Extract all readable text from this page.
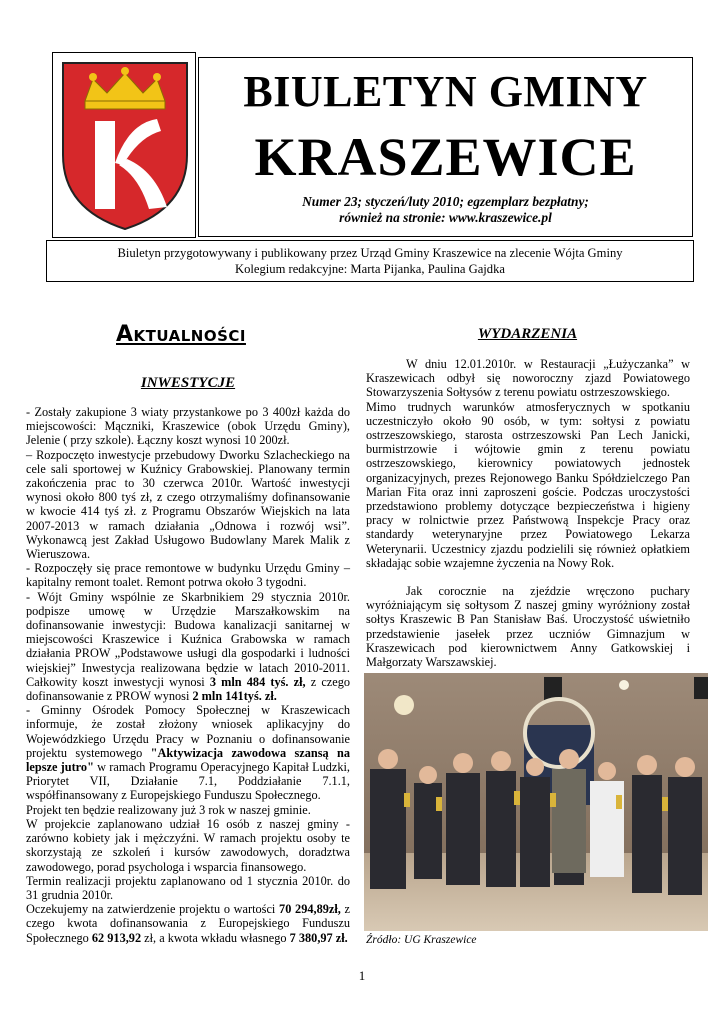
BIULETYN GMINY
KRASZEWICE
Numer 23; styczeń/luty 2010; egzemplarz bezpłatny;
również na stronie: www.kraszewice.pl
Biuletyn przygotowywany i publikowany przez Urząd Gminy Kraszewice na zlecenie Wójta Gminy
Kolegium redakcyjne: Marta Pijanka, Paulina Gajdka
Aktualności
INWESTYCJE
WYDARZENIA

- Zostały zakupione 3 wiaty przystankowe po 3 400zł każda do miejscowości: Mączniki, Kraszewice (obok Urzędu Gminy), Jelenie ( przy szkole). Łączny koszt wynosi 10 200zł.

– Rozpoczęto inwestycje przebudowy Dworku Szlacheckiego na cele sali sportowej w Kuźnicy Grabowskiej. Planowany termin zakończenia prac to 30 czerwca 2010r. Wartość inwestycji wynosi około 800 tyś zł, z czego otrzymaliśmy dofinansowanie w kwocie 414 tyś zł. z Programu Obszarów Wiejskich na lata 2007-2013 w ramach działania „Odnowa i rozwój wsi”. Wykonawcą jest Zakład Usługowo Budowlany Marek Malik z Wieruszowa.

- Rozpoczęły się prace remontowe w budynku Urzędu Gminy – kapitalny remont toalet. Remont potrwa około 3 tygodni.

- Wójt Gminy wspólnie ze Skarbnikiem 29 stycznia 2010r. podpisze umowę w Urzędzie Marszałkowskim na dofinansowanie inwestycji: Budowa kanalizacji sanitarnej w miejscowości Kraszewice i Kuźnica Grabowska w ramach działania PROW „Podstawowe usługi dla gospodarki i ludności wiejskiej” Inwestycja realizowana będzie w latach 2010-2011. Całkowity koszt inwestycji wynosi 3 mln 484 tyś. zł, z czego dofinansowanie z PROW wynosi 2 mln 141tyś. zł.

- Gminny Ośrodek Pomocy Społecznej w Kraszewicach informuje, że został złożony wniosek aplikacyjny do Wojewódzkiego Urzędu Pracy w Poznaniu o dofinansowanie projektu systemowego "Aktywizacja zawodowa szansą na lepsze jutro" w ramach Programu Operacyjnego Kapitał Ludzki, Priorytet VII, Działanie 7.1, Poddziałanie 7.1.1, współfinansowany z Europejskiego Funduszu Społecznego.

Projekt ten będzie realizowany już 3 rok w naszej gminie.

W projekcie zaplanowano udział 16 osób z naszej gminy - zarówno kobiety jak i mężczyźni. W ramach projektu osoby te skorzystają ze szkoleń i kursów zawodowych, doradztwa zawodowego, porad psychologa i wsparcia finansowego.

Termin realizacji projektu zaplanowano od 1 stycznia 2010r. do 31 grudnia 2010r.

Oczekujemy na zatwierdzenie projektu o wartości 70 294,89zł, z czego kwota dofinansowania z Europejskiego Funduszu Społecznego 62 913,92 zł, a kwota wkładu własnego 7 380,97 zł.

W dniu 12.01.2010r. w Restauracji „Łużyczanka” w Kraszewicach odbył się noworoczny zjazd Powiatowego Stowarzyszenia Sołtysów z terenu powiatu ostrzeszowskiego.

Mimo trudnych warunków atmosferycznych w spotkaniu uczestniczyło około 90 osób, w tym: sołtysi z powiatu ostrzeszowskiego, starosta ostrzeszowski Pan Lech Janicki, burmistrzowie i wójtowie gmin z terenu powiatu ostrzeszowskiego, kierownicy powiatowych jednostek organizacyjnych, prezes Rejonowego Banku Spółdzielczego Pan Marian Fita oraz inni zaproszeni goście. Podczas uroczystości przedstawiono problemy dotyczące bezpieczeństwa i higieny pracy w rolnictwie przez Państwową Inspekcje Pracy oraz standardy weterynaryjne przez Powiatowego Lekarza Weterynarii. Uczestnicy zjazdu podzielili się również opłatkiem składając sobie wzajemne życzenia na Nowy Rok.

Jak corocznie na zjeździe wręczono puchary wyróżniającym się sołtysom Z naszej gminy wyróżniony został sołtys Kraszewic B Pan Stanisław Baś. Uroczystość uświetniło przedstawienie jasełek przez uczniów Gimnazjum w Kraszewicach pod kierownictwem Anny Gatkowskiej i Małgorzaty Warszawskiej.

Źródło: UG Kraszewice
1
